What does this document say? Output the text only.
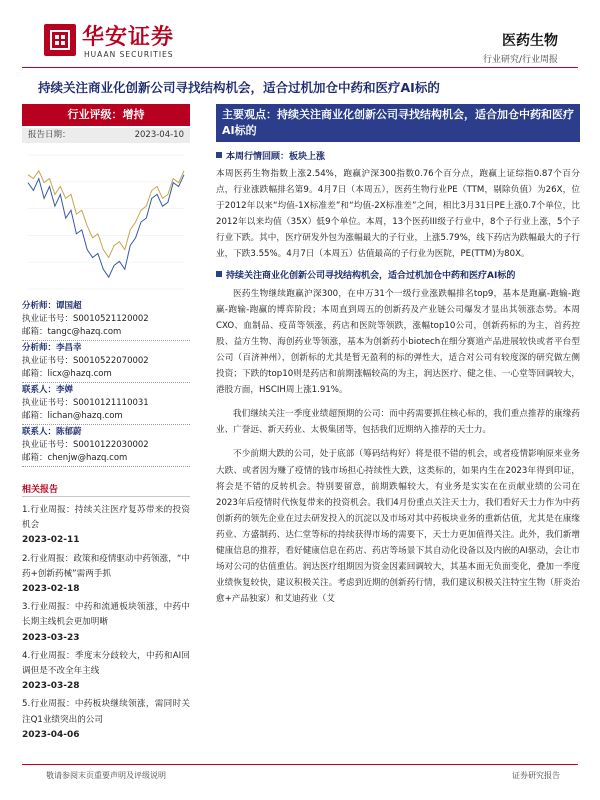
华安证券
HUAAN SECURITIES
医药生物
行业研究/行业周报
持续关注商业化创新公司寻找结构机会，适合过机加仓中药和医疗AI标的
行业评级：增持
报告日期：	2023-04-10
分析师：谭国超
执业证书号：S0010521120002
邮箱：tangc@hazq.com
分析师：李昌幸
执业证书号：S0010522070002
邮箱：licx@hazq.com
联系人：李婵
执业证书号：S0010121110031
邮箱：lichan@hazq.com
联系人：陈郁蔚
执业证书号：S0010122030002
邮箱：chenjw@hazq.com
相关报告
1.行业周报：持续关注医疗复苏带来的投资机会
2023-02-11
2.行业周报：政策和疫情驱动中药领涨，“中药+创新药械”需两手抓
2023-02-18
3.行业周报：中药和流通板块领涨，中药中长期主线机会更加明晰
2023-03-23
4.行业周报：季度末分歧较大，中药和AI回调但是不改全年主线
2023-03-28
5.行业周报：中药板块继续领涨，需同时关注Q1业绩突出的公司
2023-04-06
主要观点：持续关注商业化创新公司寻找结构机会，适合加仓中药和医疗AI标的
本周行情回顾：板块上涨
本周医药生物指数上涨2.54%，跑赢沪深300指数0.76个百分点，跑赢上证综指0.87个百分点，行业涨跌幅排名第9。4月7日（本周五），医药生物行业PE（TTM，剔除负值）为26X，位于2012年以来“均值-1X标准差”和“均值-2X标准差”之间，相比3月31日PE上涨0.7个单位，比2012年以来均值（35X）低9个单位。本周，13个医药III级子行业中，8个子行业上涨，5个子行业下跌。其中，医疗研发外包为涨幅最大的子行业，上涨5.79%，线下药店为跌幅最大的子行业，下跌3.55%。4月7日（本周五）估值最高的子行业为医院，PE(TTM)为80X。
持续关注商业化创新公司寻找结构机会，适合过机加仓中药和医疗AI标的
医药生物继续跑赢沪深300，在申万31个一级行业涨跌幅排名top9，基本是跑赢-跑输-跑赢-跑输-跑赢的博弈阶段；本周直到周五的创新药及产业链公司爆发才显出其领涨态势。本周CXO、血制品、疫苗等领涨，药店和医院等领跌，涨幅top10公司，创新药标的为主，首药控股、益方生物、海创药业等领涨，基本为创新药小biotech在细分赛道产品进展较快或者平台型公司（百济神州），创新标的尤其是暂无盈利的标的弹性大，适合对公司有较度深的研究做左侧投资；下跌的top10则是药店和前期涨幅较高的为主，润达医疗、健之佳、一心堂等回调较大，港股方面，HSCIH周上涨1.91%。
我们继续关注一季度业绩超预期的公司：而中药需要抓住核心标的，我们重点推荐的康缘药业、广誉远、新天药业、太极集团等，包括我们近期纳入推荐的天士力。
不少前期大跌的公司，处于底部（筹码结构好）将是很不错的机会，或者疫情影响原来业务大跌、或者因为赚了疫情的钱市场担心持续性大跌，这类标的，如果内生在2023年得到印证，将会是不错的反转机会。特别要留意，前期跌幅较大，有业务是实实在在贡献业绩的公司在2023年后疫情时代恢复带来的投资机会。我们4月份重点关注天士力，我们看好天士力作为中药创新药的领先企业在过去研发投入的沉淀以及市场对其中药板块业务的重新估值，尤其是在康缘药业、方盛制药、达仁堂等标的持续获得市场的需要下，天士力更加值得关注。此外，我们新增健康信息的推荐，看好健康信息在药店、药店等场景下其自动化设备以及内嵌的AI驱动，会让市场对公司的估值重估。润达医疗组期因为资金因素回调较大，其基本面无负面变化，叠加一季度业绩恢复较快，建议积极关注。考虑到近期的创新药行情，我们建议积极关注特宝生物（肝炎治愈+产品独家）和艾迪药业（艾
敬请参阅末页重要声明及评级说明	证券研究报告
